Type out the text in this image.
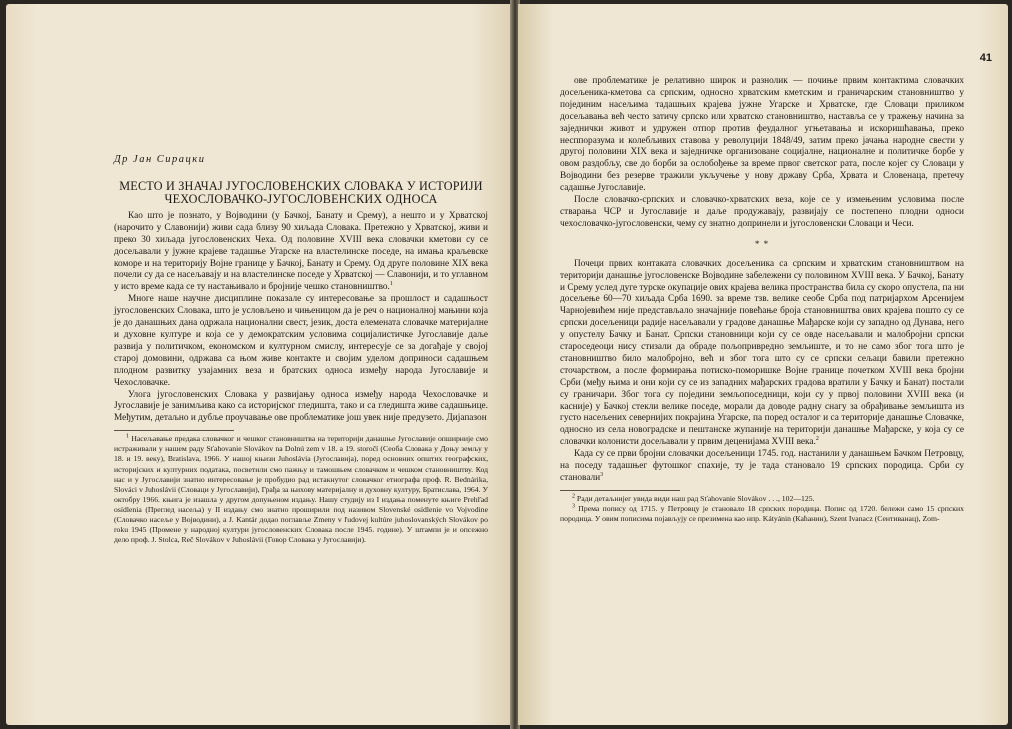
Др Јан Сирацки

МЕСТО И ЗНАЧАЈ ЈУГОСЛОВЕНСКИХ СЛОВАКА У ИСТОРИЈИ ЧЕХОСЛОВАЧКО-ЈУГОСЛОВЕНСКИХ ОДНОСА

Као што је познато, у Војводини (у Бачкој, Банату и Срему), а нешто и у Хрватској (нарочито у Славонији) живи сада близу 90 хиљада Словака. Претежно у Хрватској, живи и преко 30 хиљада југословенских Чеха. Од половине XVIII века словачки кметови су се досељавали у јужне крајеве тадашње Угарске на властелинске поседе, на имања краљевске коморе и на територију Војне границе у Бачкој, Банату и Срему. Од друге половине XIX века почели су да се насељавају и на властелинске поседе у Хрватској — Славонији, и то углавном у исто време када се ту настањивало и бројније чешко становништво.$^1$

Многе наше научне дисциплине показале су интересовање за прошлост и садашњост југословенских Словака, што је условљено и чињеницом да је реч о националној мањини која је до данашњих дана одржала национални свест, језик, доста елемената словачке материјалне и духовне културе и која се у демократским условима социјалистичке Југославије даље развија у политичком, економском и културном смислу, интересује се за догађаје у својој старој домовини, одржава са њом живе контакте и својим уделом доприноси садашњем плодном развитку узајамних веза и братских односа између народа Југославије и Чехословачке.

Улога југословенских Словака у развијању односа између народа Чехословачке и Југославије је занимљива како са историјског гледишта, тако и са гледишта живе садашњице. Међутим, детаљно и дубље проучавање ове проблематике још увек није предузето. Дијапазон

$^1$ Насељавање предака словачког и чешког становништва на територији данашње Југославије опширније смо истраживали у нашем раду Sťahovanie Slovákov na Dolnú zem v 18. a 19. storočí (Сеоба Словака у Доњу земљу у 18. и 19. веку), Bratislava, 1966. У нашој књизи Juhoslávia (Југославија), поред основних општих географских, историјских и културних података, посветили смо пажњу и тамошњем словачком и чешком становништву. Код нас и у Југославији знатно интересовање је пробудио рад истакнутог словачког етнографа проф. R. Bednárika, Slováci v Juhoslávii (Словаци у Југославији), Грађа за њихову материјалну и духовну културу, Братислава, 1964. У октобру 1966. књига је изашла у другом допуњеном издању. Нашу студију из I издања поменуте књиге Prehľad osídlenia (Преглед насеља) у II издању смо знатно проширили под називом Slovenské osídlenie vo Vojvodine (Словачко насеље у Војводини), а J. Kantár додао поглавље Zmeny v ľudovej kultúre juhoslovanských Slovákov po roku 1945 (Промене у народној култури југословенских Словака после 1945. године). У штампи је и опсежно дело проф. J. Stolca, Reč Slovákov v Juhoslávii (Говор Словака у Југославији).

41

ове проблематике је релативно широк и разнолик — почиње првим контактима словачких досељеника-кметова са српским, односно хрватским кметским и граничарским становништво у појединим насељима тадашњих крајева јужне Угарске и Хрватске, где Словаци приликом досељавања већ често затичу српско или хрватско становништво, наставља се у тражењу начина за заједнички живот и удружен отпор против феудалног угњетавања и искоришћавања, преко несппоразума и колебљивих ставова у револуцији 1848/49, затим преко јачања народне свести у другој половини XIX века и заједничке организоване социјалне, националне и политичке борбе у овом раздобљу, све до борби за ослобођење за време првог светског рата, после којег су Словаци у Војводини без резерве тражили укључење у нову државу Срба, Хрвата и Словенаца, претечу садашње Југославије.

После словачко-српских и словачко-хрватских веза, које се у измењеним условима после стварања ЧСР и Југославије и даље продужавају, развијају се постепено плодни односи чехословачко-југословенски, чему су знатно допринели и југословенски Словаци и Чеси.

* *

Почеци првих контаката словачких досељеника са српским и хрватским становништвом на територији данашње југословенске Војводине забележени су половином XVIII века. У Бачкој, Банату и Срему услед дуге турске окупације ових крајева велика пространства била су скоро опустела, па ни досељење 60—70 хиљада Срба 1690. за време тзв. велике сеобе Срба под патријархом Арсенијем Чарнојевићем није представљало значајније повећање броја становништва ових крајева пошто су се српски досељеници радије насељавали у градове данашње Мађарске који су западно од Дунава, него у опустелу Бачку и Банат. Српски становници који су се овде насељавали и малобројни српски староседеоци нису стизали да обраде пољопривредно земљиште, и то не само због тога што је становништво било малобројно, већ и због тога што су се српски сељаци бавили претежно сточарством, а после формирања потиско-поморишке Војне границе почетком XVIII века бројни Срби (међу њима и они који су се из западних мађарских градова вратили у Бачку и Банат) постали су граничари. Због тога су поједини земљопоседници, који су у првој половини XVIII века (и касније) у Бачкој стекли велике поседе, морали да доводе радну снагу за обрађивање земљишта из густо насељених севернијих покрајина Угарске, па поред осталог и са територије данашње Словачке, односно из села новоградске и пештанске жупаније на територији данашње Мађарске, у која су се словачки колонисти досељавали у првим деценијама XVIII века.$^2$

Када су се први бројни словачки досељеници 1745. год. настанили у данашњем Бачком Петровцу, на поседу тадашњег футошког спахије, ту је тада становало 19 српских породица. Срби су становали$^3$

$^2$ Ради детаљнијег увида види наш рад Sťahovanie Slovákov . . ., 102—125.

$^3$ Према попису од 1715. у Петровцу је становало 18 српских породица. Попис од 1720. бележи само 15 српских породица. У овим пописима појављују се презимена као нпр. Kátyánin (Каћанин), Szent Ivanacz (Сентиванац), Zom-
